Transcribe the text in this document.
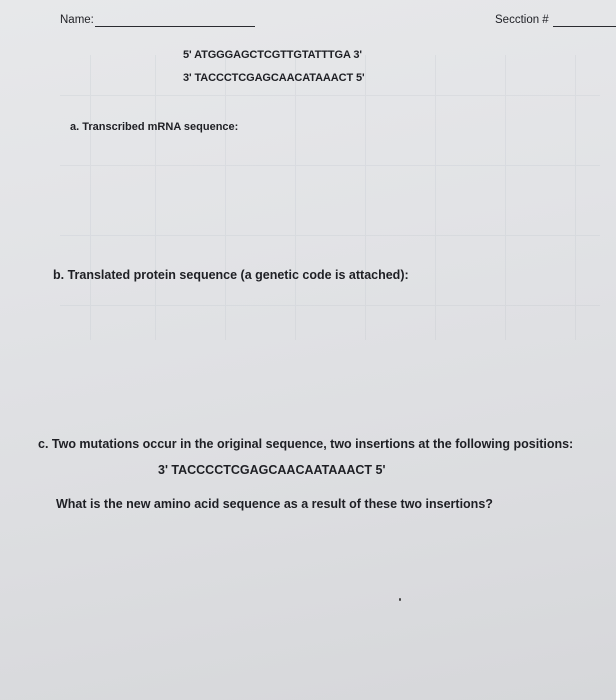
Name:	Secction #
5' ATGGGAGCTCGTTGTATTTGA 3'
3' TACCCTCGAGCAACATAAACT 5'
a. Transcribed mRNA sequence:
b. Translated protein sequence (a genetic code is attached):
c. Two mutations occur in the original sequence, two insertions at the following positions:
3' TACCCCTCGAGCAACAATAAACT 5'
What is the new amino acid sequence as a result of these two insertions?
